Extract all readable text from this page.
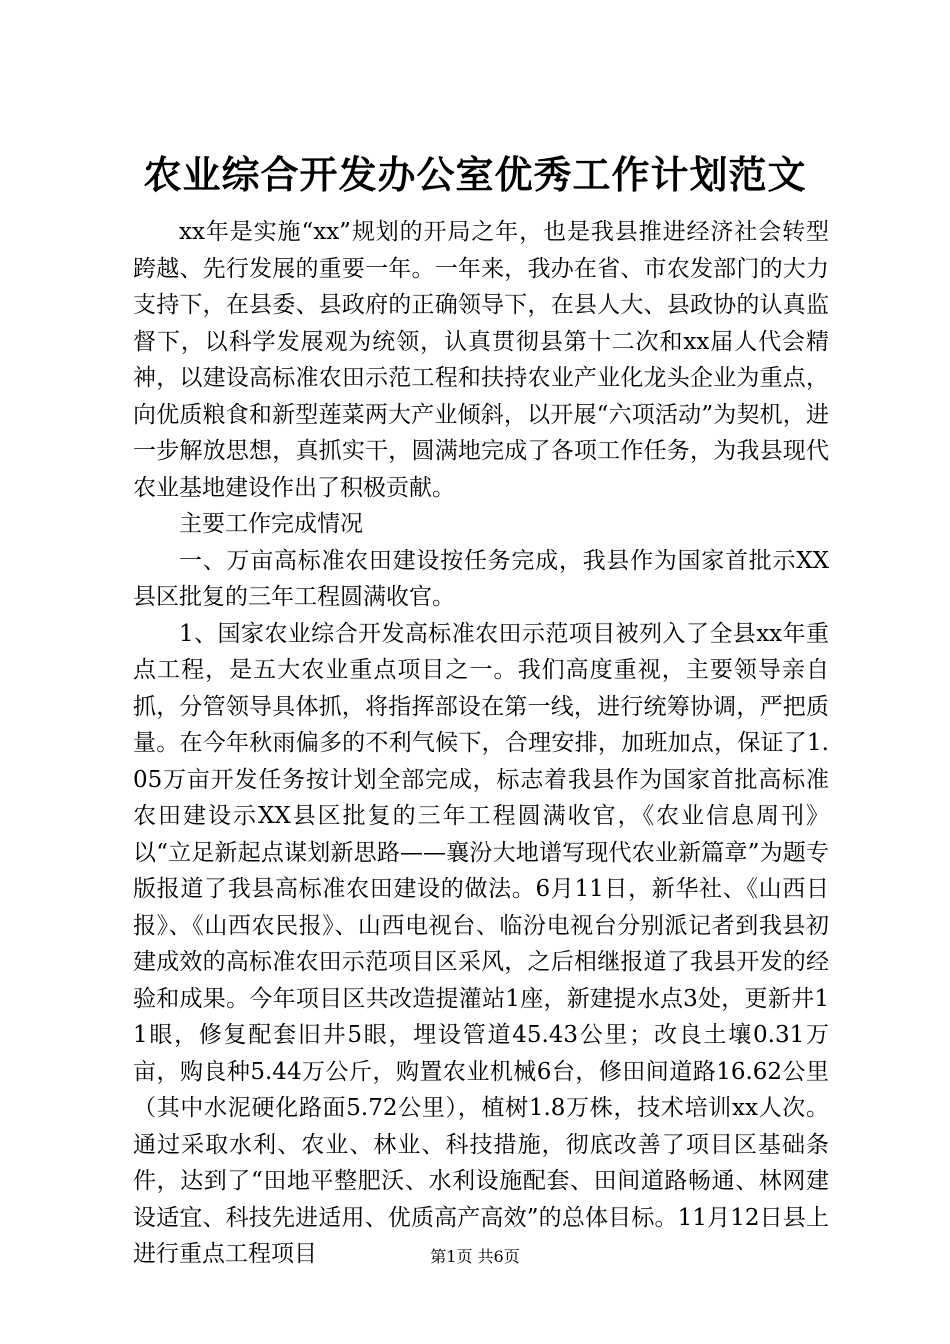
农业综合开发办公室优秀工作计划范文

xx年是实施“xx”规划的开局之年，也是我县推进经济社会转型跨越、先行发展的重要一年。一年来，我办在省、市农发部门的大力支持下，在县委、县政府的正确领导下，在县人大、县政协的认真监督下，以科学发展观为统领，认真贯彻县第十二次和xx届人代会精神，以建设高标准农田示范工程和扶持农业产业化龙头企业为重点，向优质粮食和新型莲菜两大产业倾斜，以开展“六项活动”为契机，进一步解放思想，真抓实干，圆满地完成了各项工作任务，为我县现代农业基地建设作出了积极贡献。

主要工作完成情况

一、万亩高标准农田建设按任务完成，我县作为国家首批示XX县区批复的三年工程圆满收官。

1、国家农业综合开发高标准农田示范项目被列入了全县xx年重点工程，是五大农业重点项目之一。我们高度重视，主要领导亲自抓，分管领导具体抓，将指挥部设在第一线，进行统筹协调，严把质量。在今年秋雨偏多的不利气候下，合理安排，加班加点，保证了1.05万亩开发任务按计划全部完成，标志着我县作为国家首批高标准农田建设示XX县区批复的三年工程圆满收官，《农业信息周刊》以“立足新起点谋划新思路——襄汾大地谱写现代农业新篇章”为题专版报道了我县高标准农田建设的做法。6月11日，新华社、《山西日报》、《山西农民报》、山西电视台、临汾电视台分别派记者到我县初建成效的高标准农田示范项目区采风，之后相继报道了我县开发的经验和成果。今年项目区共改造提灌站1座，新建提水点3处，更新井11眼，修复配套旧井5眼，埋设管道45.43公里；改良土壤0.31万亩，购良种5.44万公斤，购置农业机械6台，修田间道路16.62公里（其中水泥硬化路面5.72公里），植树1.8万株，技术培训xx人次。通过采取水利、农业、林业、科技措施，彻底改善了项目区基础条件，达到了“田地平整肥沃、水利设施配套、田间道路畅通、林网建设适宜、科技先进适用、优质高产高效”的总体目标。11月12日县上进行重点工程项目	第1页 共6页
